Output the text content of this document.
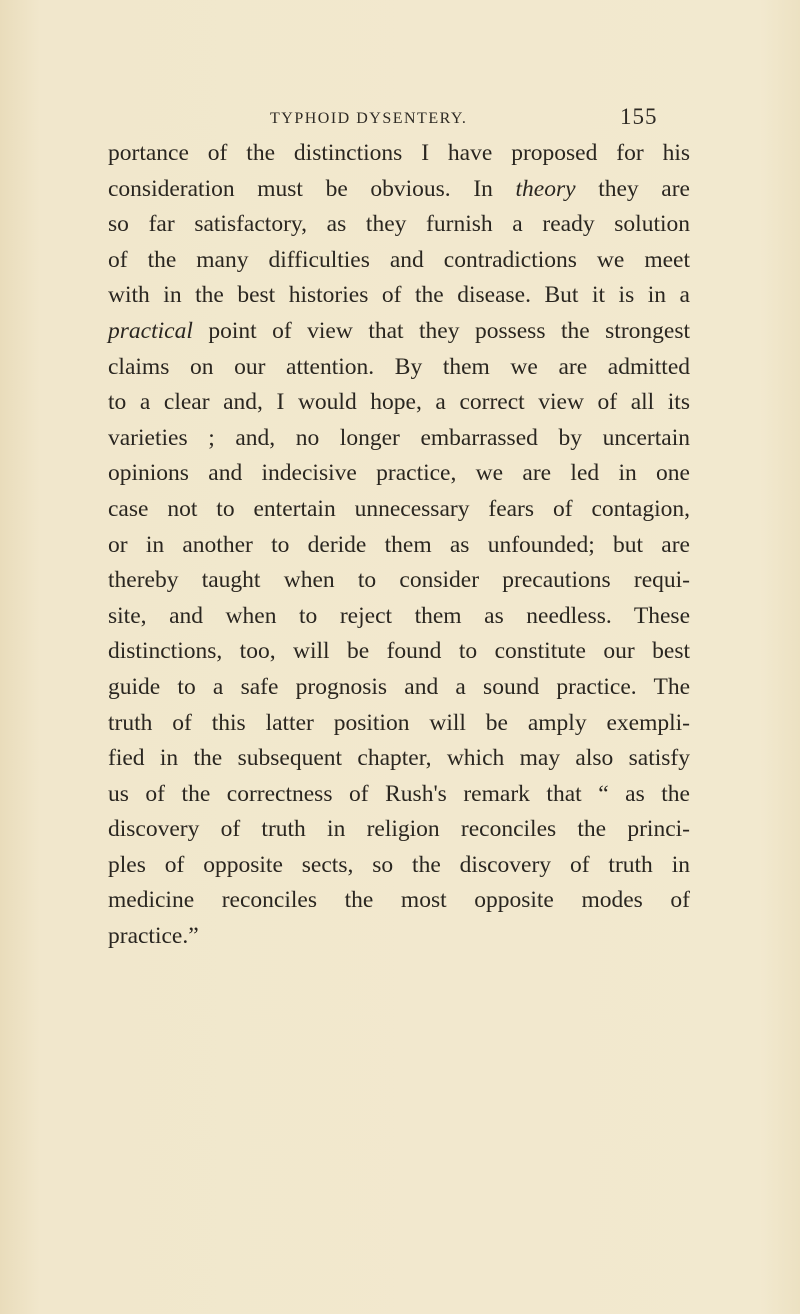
TYPHOID DYSENTERY.	155
portance of the distinctions I have proposed for his
consideration must be obvious. In theory they are
so far satisfactory, as they furnish a ready solution
of the many difficulties and contradictions we meet
with in the best histories of the disease. But it is in a
practical point of view that they possess the strongest
claims on our attention. By them we are admitted
to a clear and, I would hope, a correct view of all its
varieties ; and, no longer embarrassed by uncertain
opinions and indecisive practice, we are led in one
case not to entertain unnecessary fears of contagion,
or in another to deride them as unfounded; but are
thereby taught when to consider precautions requi-
site, and when to reject them as needless. These
distinctions, too, will be found to constitute our best
guide to a safe prognosis and a sound practice. The
truth of this latter position will be amply exempli-
fied in the subsequent chapter, which may also satisfy
us of the correctness of Rush's remark that “ as the
discovery of truth in religion reconciles the princi-
ples of opposite sects, so the discovery of truth in
medicine reconciles the most opposite modes of
practice.”
